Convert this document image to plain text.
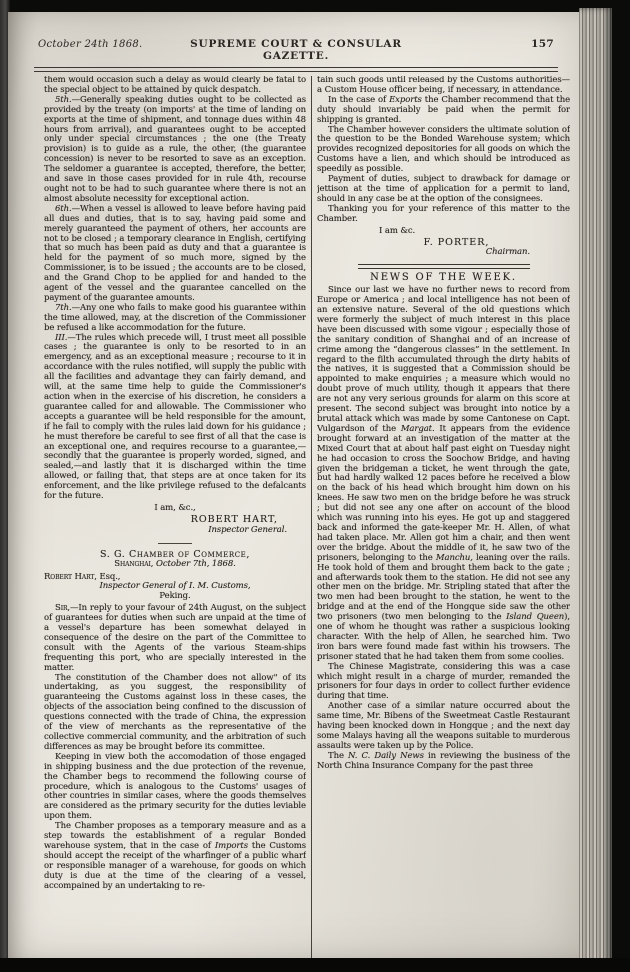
October 24th 1868.	SUPREME COURT & CONSULAR GAZETTE.
157
them would occasion such a delay as would clearly be fatal to the special object to be attained by quick despatch.
5th.—Generally speaking duties ought to be collected as provided by the treaty (on imports' at the time of landing on exports at the time of shipment, and tonnage dues within 48 hours from arrival), and guarantees ought to be accepted only under special circumstances ; the one (the Treaty provision) is to guide as a rule, the other, (the guarantee concession) is never to be resorted to save as an exception. The seldomer a guarantee is accepted, therefore, the better, and save in those cases provided for in rule 4th, recourse ought not to be had to such guarantee where there is not an almost absolute necessity for exceptional action.
6th.—When a vessel is allowed to leave before having paid all dues and duties, that is to say, having paid some and merely guaranteed the payment of others, her accounts are not to be closed ; a temporary clearance in English, certifying that so much has been paid as duty and that a guarantee is held for the payment of so much more, signed by the Commissioner, is to be issued ; the accounts are to be closed, and the Grand Chop to be applied for and handed to the agent of the vessel and the guarantee cancelled on the payment of the guarantee amounts.
7th.—Any one who fails to make good his guarantee within the time allowed, may, at the discretion of the Commissioner be refused a like accommodation for the future.
III.—The rules which precede will, I trust meet all possible cases ; the guarantee is only to be resorted to in an emergency, and as an exceptional measure ; recourse to it in accordance with the rules notified, will supply the public with all the facilities and advantage they can fairly demand, and will, at the same time help to guide the Commissioner's action when in the exercise of his discretion, he considers a guarantee called for and allowable. The Commissioner who accepts a guarantee will be held responsible for the amount, if he fail to comply with the rules laid down for his guidance ; he must therefore be careful to see first of all that the case is an exceptional one, and requires recourse to a guarantee,—secondly that the guarantee is properly worded, signed, and sealed,—and lastly that it is discharged within the time allowed, or failing that, that steps are at once taken for its enforcement, and the like privilege refused to the defalcants for the future.
I am, &c.,
ROBERT HART,
Inspector General.
S. G. Chamber of Commerce,
Shanghai, October 7th, 1868.
Robert Hart, Esq.,
Inspector General of I. M. Customs,
Peking.
Sir,—In reply to your favour of 24th August, on the subject of guarantees for duties when such are unpaid at the time of a vessel's departure has been somewhat delayed in consequence of the desire on the part of the Committee to consult with the Agents of the various Steam-ships frequenting this port, who are specially interested in the matter.
The constitution of the Chamber does not allow" of its undertaking, as you suggest, the responsibility of guaranteeing the Customs against loss in these cases, the objects of the association being confined to the discussion of questions connected with the trade of China, the expression of the view of merchants as the representative of the collective commercial community, and the arbitration of such differences as may be brought before its committee.
Keeping in view both the accomodation of those engaged in shipping business and the due protection of the revenue, the Chamber begs to recommend the following course of procedure, which is analogous to the Customs' usages of other countries in similar cases, where the goods themselves are considered as the primary security for the duties leviable upon them.
The Chamber proposes as a temporary measure and as a step towards the establishment of a regular Bonded warehouse system, that in the case of Imports the Customs should accept the receipt of the wharfinger of a public wharf or responsible manager of a warehouse, for goods on which duty is due at the time of the clearing of a vessel, accompained by an undertaking to re-
tain such goods until released by the Customs authorities—a Custom House officer being, if necessary, in attendance.
In the case of Exports the Chamber recommend that the duty should invariably be paid when the permit for shipping is granted.
The Chamber however considers the ultimate solution of the question to be the Bonded Warehouse system; which provides recognized depositories for all goods on which the Customs have a lien, and which should be introduced as speedily as possible.
Payment of duties, subject to drawback for damage or jettison at the time of application for a permit to land, should in any case be at the option of the consignees.
Thanking you for your reference of this matter to the Chamber.
I am &c.
F. PORTER,
Chairman.
NEWS OF THE WEEK.
Since our last we have no further news to record from Europe or America ; and local intelligence has not been of an extensive nature. Several of the old questions which were formerly the subject of much interest in this place have been discussed with some vigour ; especially those of the sanitary condition of Shanghai and of an increase of crime among the “dangerous classes” in the settlement. In regard to the filth accumulated through the dirty habits of the natives, it is suggested that a Commission should be appointed to make enquiries ; a measure which would no doubt prove of much utility, though it appears that there are not any very serious grounds for alarm on this score at present. The second subject was brought into notice by a brutal attack which was made by some Cantonese on Capt. Vulgardson of the Margat. It appears from the evidence brought forward at an investigation of the matter at the Mixed Court that at about half past eight on Tuesday night he had occasion to cross the Soochow Bridge, and having given the bridgeman a ticket, he went through the gate, but had hardly walked 12 paces before he received a blow on the back of his head which brought him down on his knees. He saw two men on the bridge before he was struck ; but did not see any one after on account of the blood which was running into his eyes. He got up and staggered back and informed the gate-keeper Mr. H. Allen, of what had taken place. Mr. Allen got him a chair, and then went over the bridge. About the middle of it, he saw two of the prisoners, belonging to the Manchu, leaning over the rails. He took hold of them and brought them back to the gate ; and afterwards took them to the station. He did not see any other men on the bridge. Mr. Stripling stated that after the two men had been brought to the station, he went to the bridge and at the end of the Hongque side saw the other two prisoners (two men belonging to the Island Queen), one of whom he thought was rather a suspicious looking character. With the help of Allen, he searched him. Two iron bars were found made fast within his trowsers. The prisoner stated that he had taken them from some coolies.
The Chinese Magistrate, considering this was a case which might result in a charge of murder, remanded the prisoners for four days in order to collect further evidence during that time.
Another case of a similar nature occurred about the same time, Mr. Bibens of the Sweetmeat Castle Restaurant having been knocked down in Hongque ; and the next day some Malays having all the weapons suitable to murderous assaults were taken up by the Police.
The N. C. Daily News in reviewing the business of the North China Insurance Company for the past three
